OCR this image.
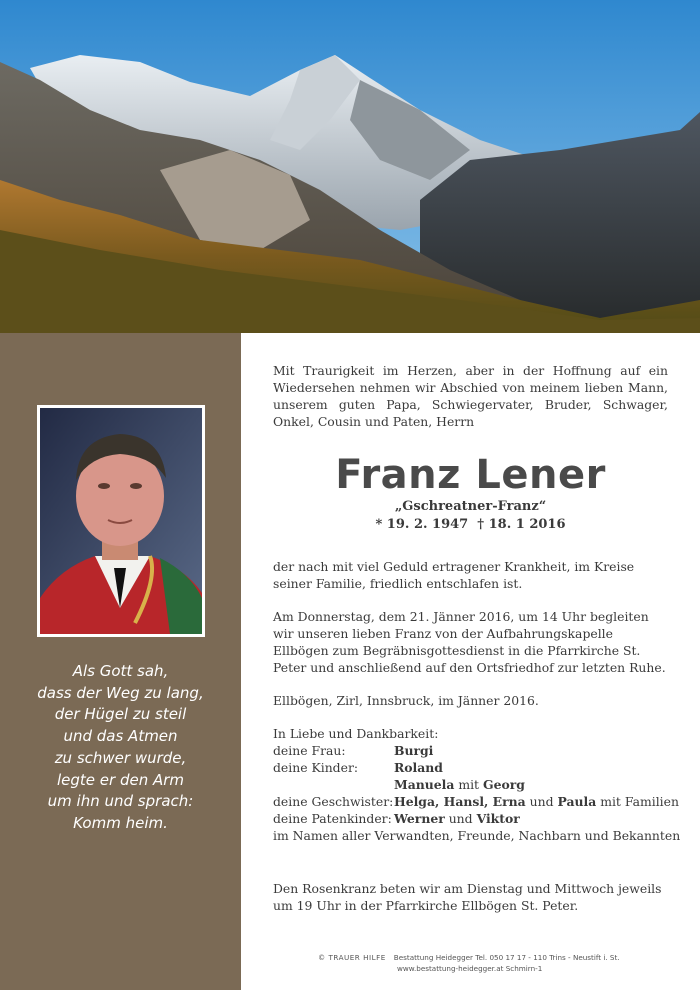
Als Gott sah,
dass der Weg zu lang,
der Hügel zu steil
und das Atmen
zu schwer wurde,
legte er den Arm
um ihn und sprach:
Komm heim.

Mit Traurigkeit im Herzen, aber in der Hoffnung auf ein Wiedersehen nehmen wir Abschied von meinem lieben Mann, unserem guten Papa, Schwiegervater, Bruder, Schwager, Onkel, Cousin und Paten, Herrn

Franz Lener
„Gschreatner-Franz“
* 19. 2. 1947  † 18. 1 2016

der nach mit viel Geduld ertragener Krankheit, im Kreise seiner Familie, friedlich entschlafen ist.

Am Donnerstag, dem 21. Jänner 2016, um 14 Uhr begleiten wir unseren lieben Franz von der Aufbahrungskapelle Ellbögen zum Begräbnisgottesdienst in die Pfarrkirche St. Peter und anschließend auf den Ortsfriedhof zur letzten Ruhe.

Ellbögen, Zirl, Innsbruck, im Jänner 2016.

In Liebe und Dankbarkeit:
deine Frau:	Burgi
deine Kinder:	Roland
Manuela mit Georg
deine Geschwister: Helga, Hansl, Erna und Paula mit Familien
deine Patenkinder: Werner und Viktor
im Namen aller Verwandten, Freunde, Nachbarn und Bekannten

Den Rosenkranz beten wir am Dienstag und Mittwoch jeweils um 19 Uhr in der Pfarrkirche Ellbögen St. Peter.

© TRAUER HILFE Bestattung Heidegger Tel. 050 17 17 - 110 Trins - Neustift i. St.
www.bestattung-heidegger.at Schmirn-1
